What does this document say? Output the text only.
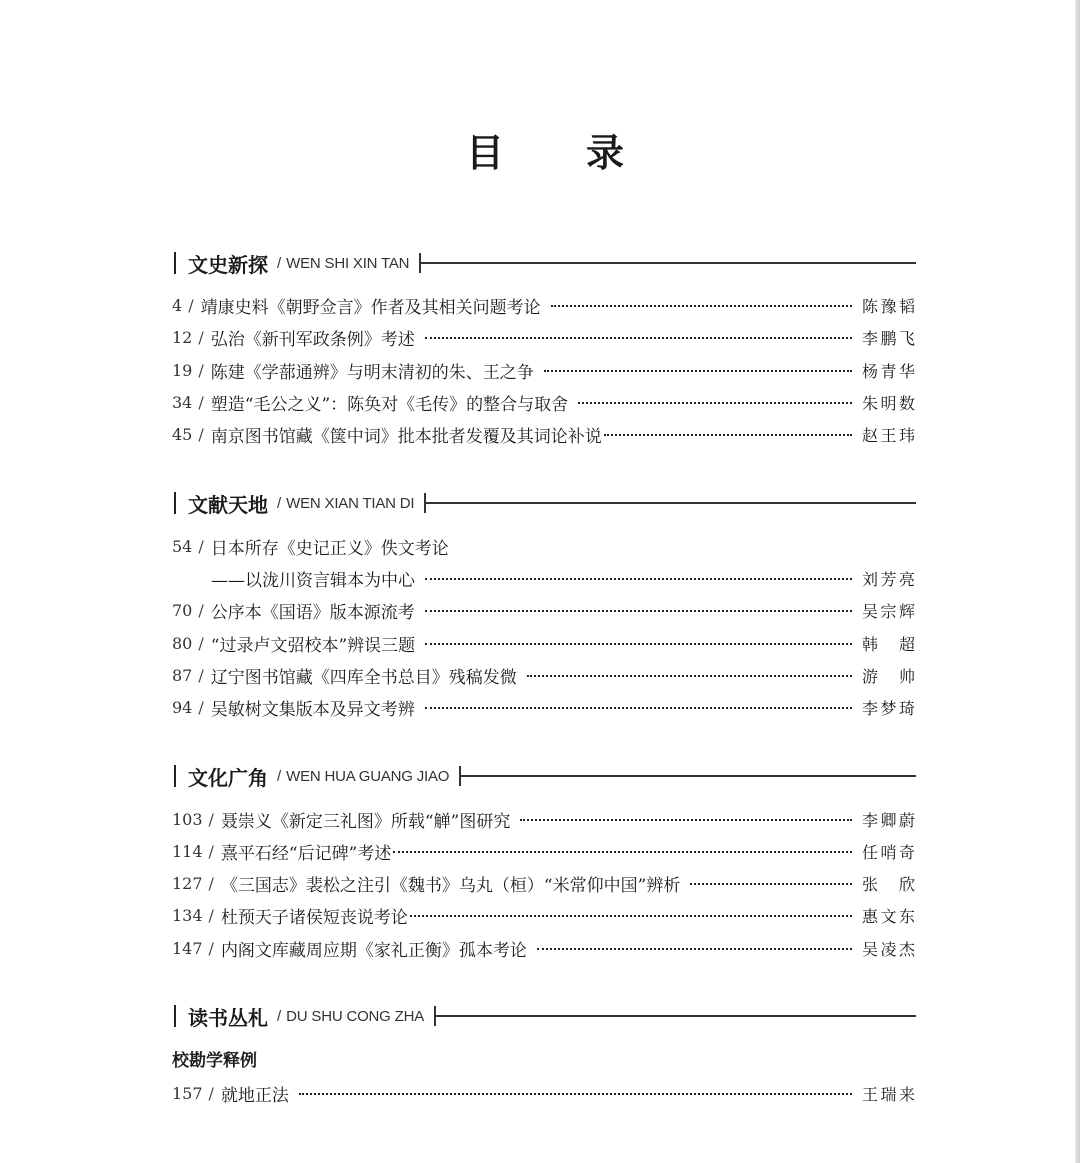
目 录
文史新探 / WEN SHI XIN TAN
4 / 靖康史料《朝野佥言》作者及其相关问题考论	陈豫韬
12 / 弘治《新刊军政条例》考述	李鹏飞
19 / 陈建《学蔀通辨》与明末清初的朱、王之争	杨青华
34 / 塑造“毛公之义”：陈奂对《毛传》的整合与取舍	朱明数
45 / 南京图书馆藏《箧中词》批本批者发覆及其词论补说	赵王玮
文献天地 / WEN XIAN TIAN DI
54 / 日本所存《史记正义》佚文考论
——以泷川资言辑本为中心	刘芳亮
70 / 公序本《国语》版本源流考	吴宗辉
80 / “过录卢文弨校本”辨误三题	韩　超
87 / 辽宁图书馆藏《四库全书总目》残稿发微	游　帅
94 / 吴敏树文集版本及异文考辨	李梦琦
文化广角 / WEN HUA GUANG JIAO
103 / 聂崇义《新定三礼图》所载“觯”图研究	李卿蔚
114 / 熹平石经“后记碑”考述	任哨奇
127 / 《三国志》裴松之注引《魏书》乌丸（桓）“米常仰中国”辨析	张　欣
134 / 杜预天子诸侯短丧说考论	惠文东
147 / 内阁文库藏周应期《家礼正衡》孤本考论	吴凌杰
读书丛札 / DU SHU CONG ZHA
校勘学释例
157 / 就地正法	王瑞来
